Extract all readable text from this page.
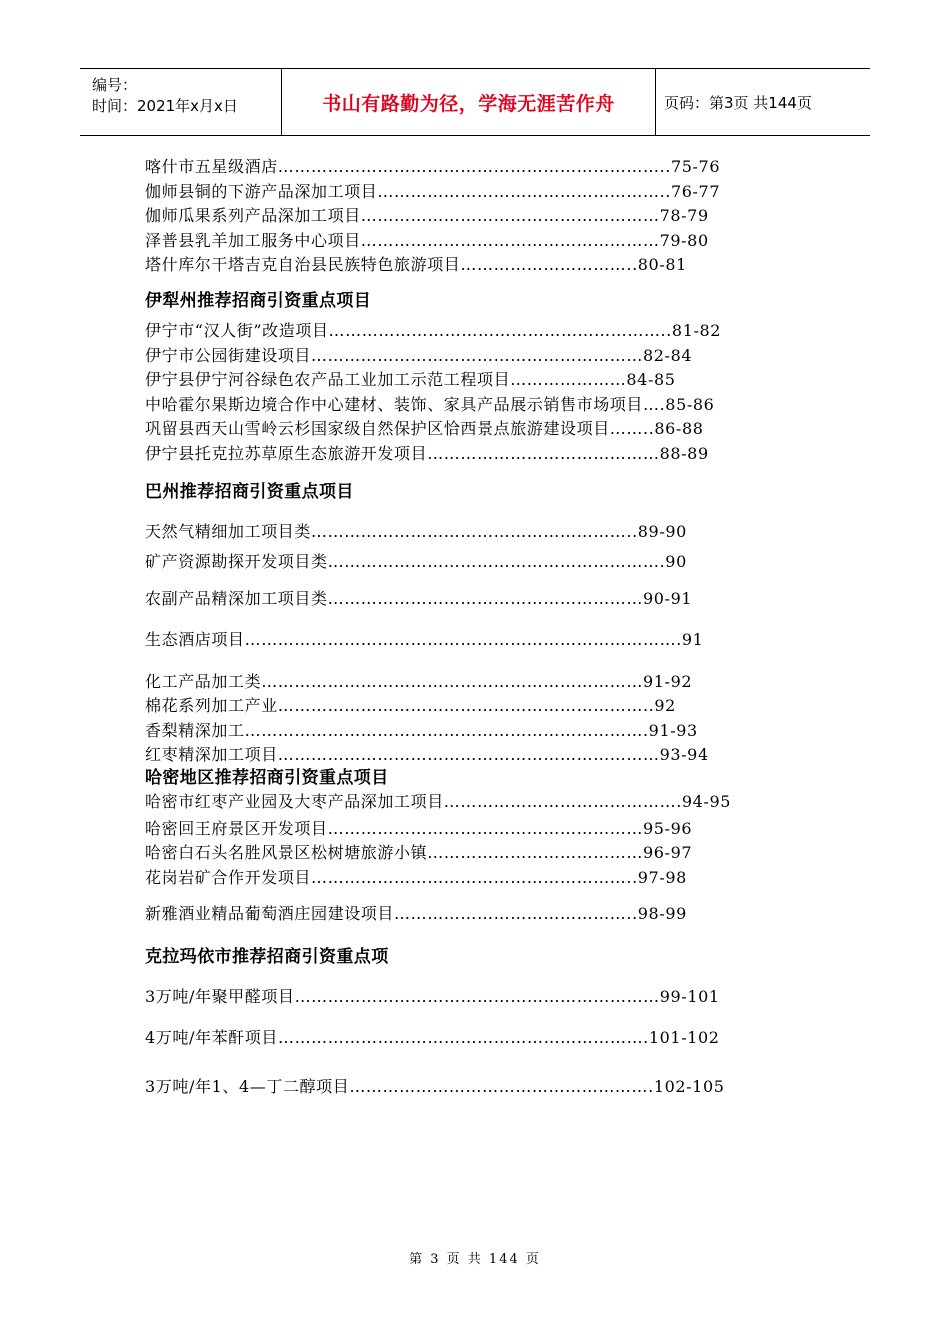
编号：
时间：2021年x月x日	书山有路勤为径，学海无涯苦作舟	页码：第3页 共144页
喀什市五星级酒店……………………………………………………………..75-76
伽师县铜的下游产品深加工项目……………………………………………..76-77
伽师瓜果系列产品深加工项目………………………………………………78-79
泽普县乳羊加工服务中心项目………………………………………………79-80
塔什库尔干塔吉克自治县民族特色旅游项目…………………………..80-81
伊犁州推荐招商引资重点项目
伊宁市“汉人街”改造项目……………………………………………………..81-82
伊宁市公园街建设项目……………………………………………………82-84
伊宁县伊宁河谷绿色农产品工业加工示范工程项目…………………84-85
中哈霍尔果斯边境合作中心建材、装饰、家具产品展示销售市场项目….85-86
巩留县西天山雪岭云杉国家级自然保护区恰西景点旅游建设项目……..86-88
伊宁县托克拉苏草原生态旅游开发项目……………………………………88-89
巴州推荐招商引资重点项目
天然气精细加工项目类…………………………………………………..89-90
矿产资源勘探开发项目类…………………………………………………….90
农副产品精深加工项目类…………………………………………………90-91
生态酒店项目…………………………………………………………………….91
化工产品加工类……………………………………………………………91-92
棉花系列加工产业…………………………………………………………..92
香梨精深加工……………………………………………………………….91-93
红枣精深加工项目……………………………………………………………93-94
哈密地区推荐招商引资重点项目
哈密市红枣产业园及大枣产品深加工项目…………………………………….94-95
哈密回王府景区开发项目…………………………………………………95-96
哈密白石头名胜风景区松树塘旅游小镇…………………………………96-97
花岗岩矿合作开发项目…………………………………………………..97-98
新雅酒业精品葡萄酒庄园建设项目……………………………………..98-99
克拉玛依市推荐招商引资重点项
3万吨/年聚甲醛项目…………………………………………………………99-101
4万吨/年苯酐项目………………………………………………………….101-102
3万吨/年1、4—丁二醇项目……………………………………………….102-105
第 3 页 共 144 页
